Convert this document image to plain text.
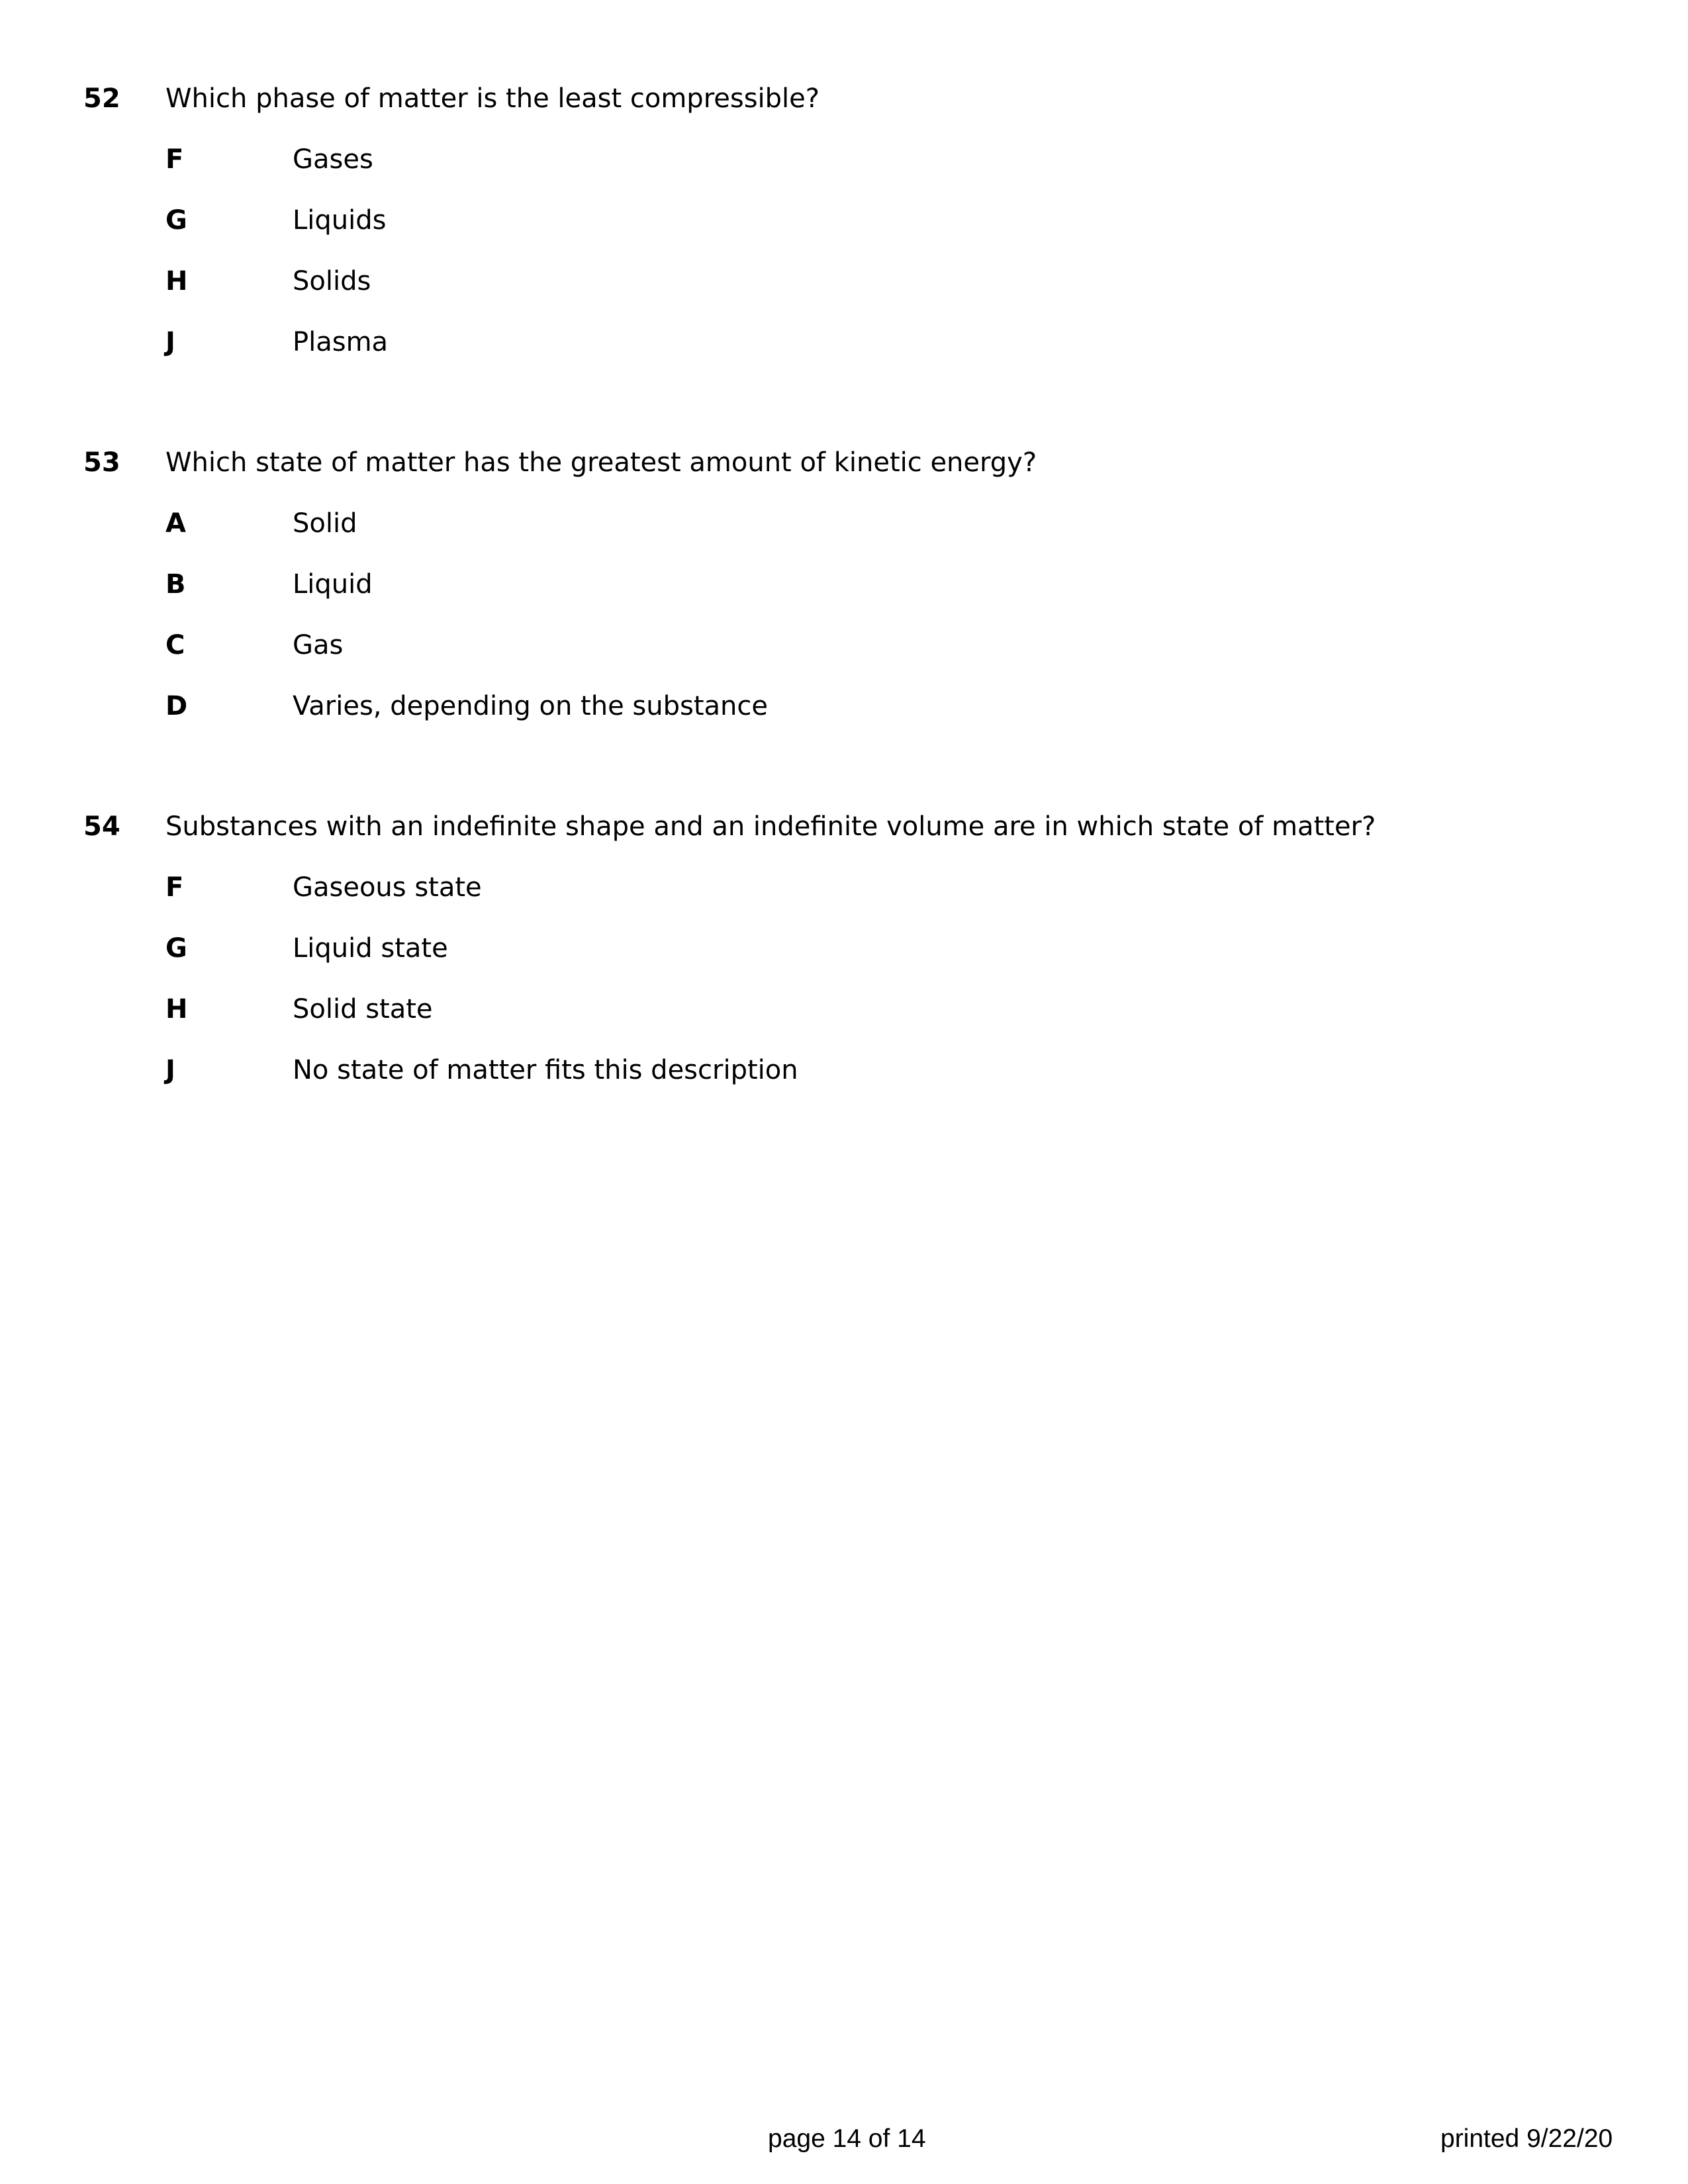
52 Which phase of matter is the least compressible?
F	Gases
G	Liquids
H	Solids
J	Plasma
53 Which state of matter has the greatest amount of kinetic energy?
A	Solid
B	Liquid
C	Gas
D	Varies, depending on the substance
54 Substances with an indefinite shape and an indefinite volume are in which state of matter?
F	Gaseous state
G	Liquid state
H	Solid state
J	No state of matter fits this description
page 14 of 14	printed 9/22/20
